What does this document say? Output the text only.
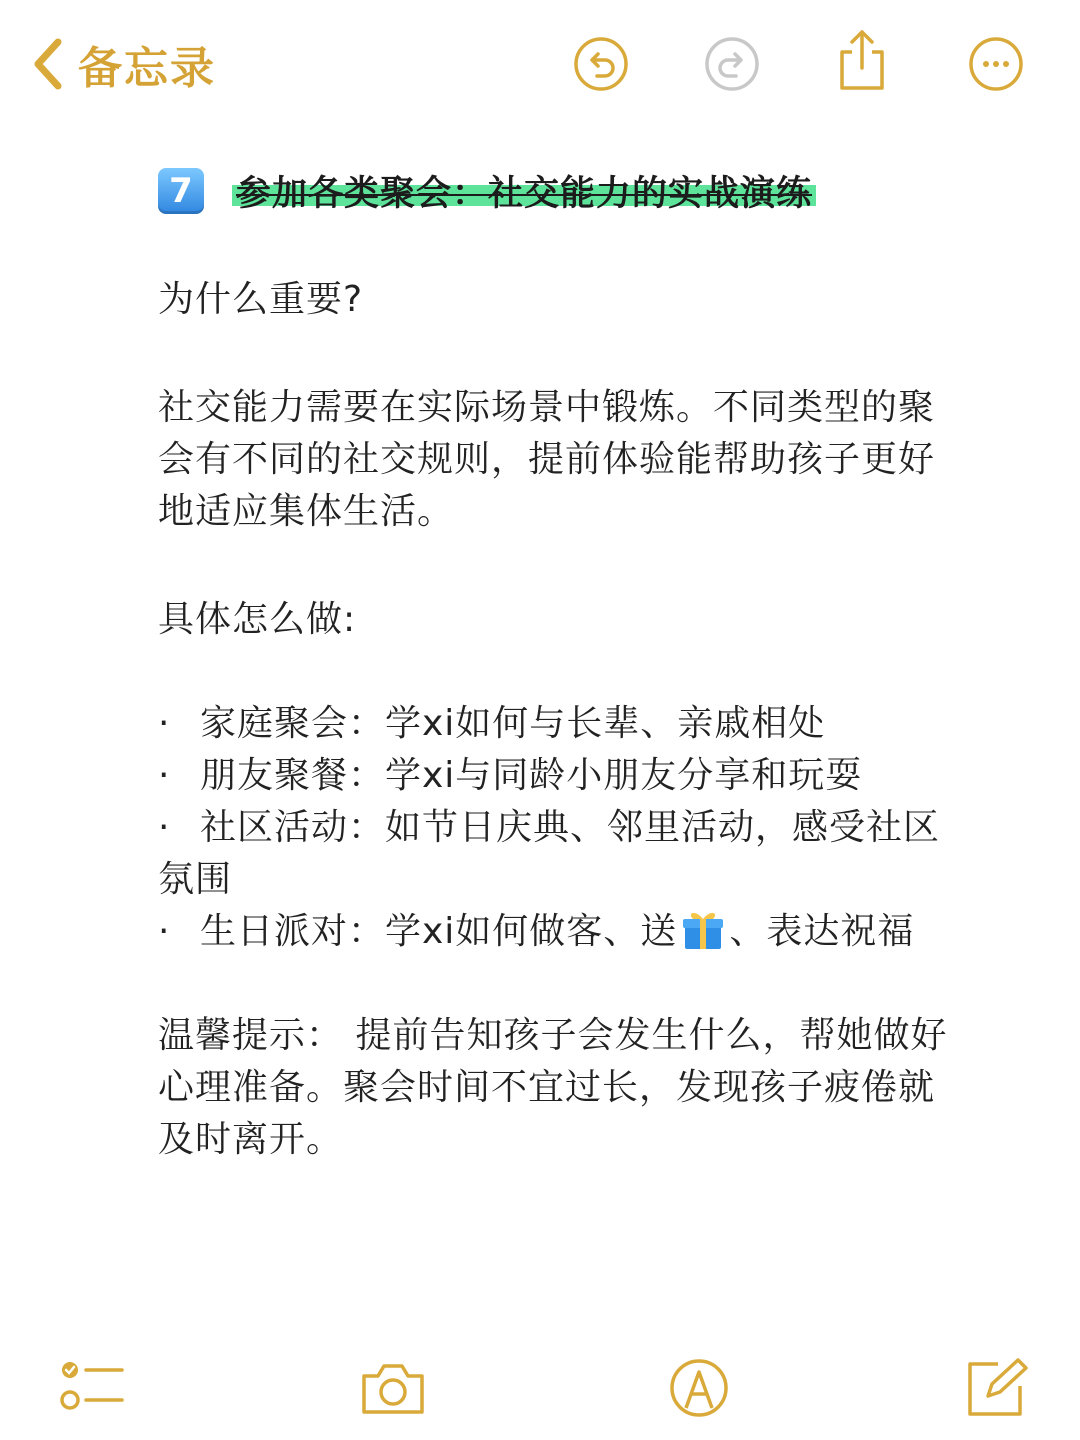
备忘录
7	参加各类聚会：社交能力的实战演练
为什么重要?
社交能力需要在实际场景中锻炼。不同类型的聚会有不同的社交规则，提前体验能帮助孩子更好地适应集体生活。
具体怎么做:
· 家庭聚会：学xi如何与长辈、亲戚相处
· 朋友聚餐：学xi与同龄小朋友分享和玩耍
· 社区活动：如节日庆典、邻里活动，感受社区氛围
· 生日派对：学xi如何做客、送 、表达祝福
温馨提示： 提前告知孩子会发生什么，帮她做好心理准备。聚会时间不宜过长，发现孩子疲倦就及时离开。
